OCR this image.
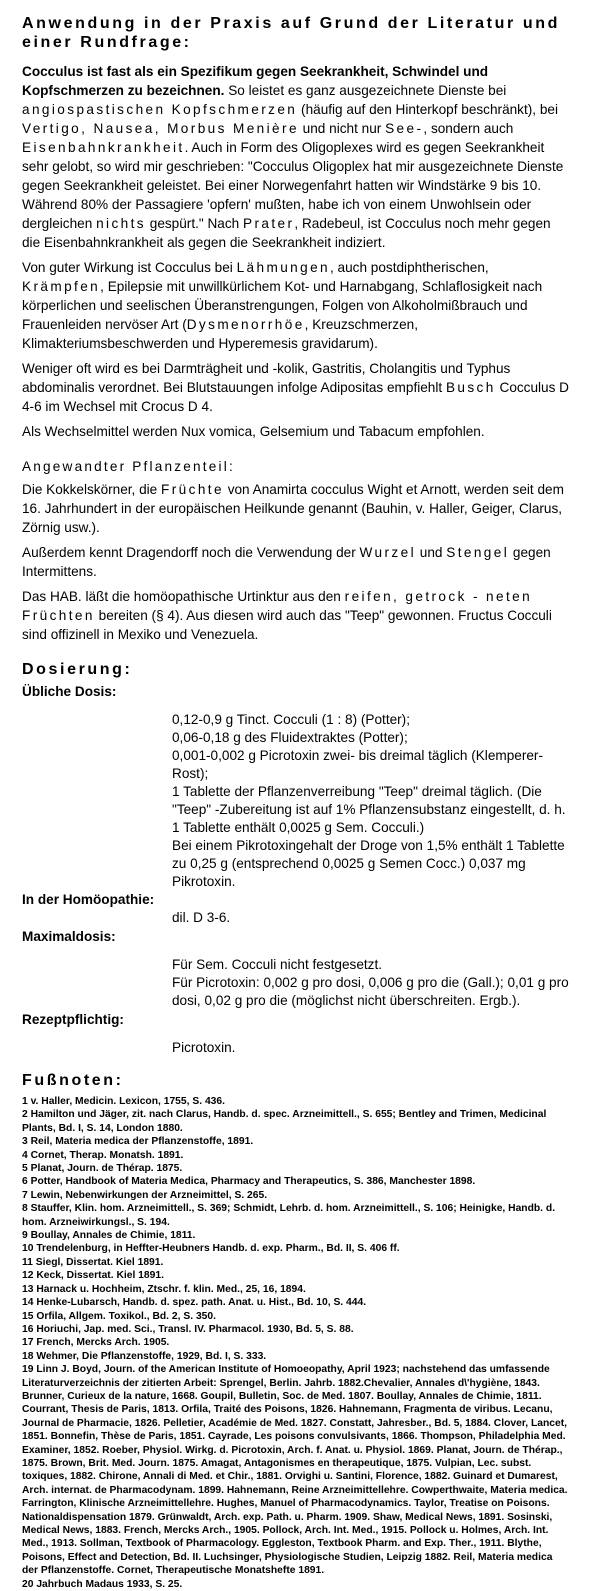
Anwendung in der Praxis auf Grund der Literatur und einer Rundfrage:

Cocculus ist fast als ein Spezifikum gegen Seekrankheit, Schwindel und Kopfschmerzen zu bezeichnen. So leistet es ganz ausgezeichnete Dienste bei angiospastischen Kopfschmerzen (häufig auf den Hinterkopf beschränkt), bei Vertigo, Nausea, Morbus Menière und nicht nur See-, sondern auch Eisenbahnkrankheit. Auch in Form des Oligoplexes wird es gegen Seekrankheit sehr gelobt, so wird mir geschrieben: "Cocculus Oligoplex hat mir ausgezeichnete Dienste gegen Seekrankheit geleistet. Bei einer Norwegenfahrt hatten wir Windstärke 9 bis 10. Während 80% der Passagiere 'opfern' mußten, habe ich von einem Unwohlsein oder dergleichen nichts gespürt." Nach Prater, Radebeul, ist Cocculus noch mehr gegen die Eisenbahnkrankheit als gegen die Seekrankheit indiziert.

Von guter Wirkung ist Cocculus bei Lähmungen, auch postdiphtherischen, Krämpfen, Epilepsie mit unwillkürlichem Kot- und Harnabgang, Schlaflosigkeit nach körperlichen und seelischen Überanstrengungen, Folgen von Alkoholmißbrauch und Frauenleiden nervöser Art (Dysmenorrhöe, Kreuzschmerzen, Klimakteriumsbeschwerden und Hyperemesis gravidarum).

Weniger oft wird es bei Darmträgheit und -kolik, Gastritis, Cholangitis und Typhus abdominalis verordnet. Bei Blutstauungen infolge Adipositas empfiehlt Busch Cocculus D 4-6 im Wechsel mit Crocus D 4.

Als Wechselmittel werden Nux vomica, Gelsemium und Tabacum empfohlen.

Angewandter Pflanzenteil:

Die Kokkelskörner, die Früchte von Anamirta cocculus Wight et Arnott, werden seit dem 16. Jahrhundert in der europäischen Heilkunde genannt (Bauhin, v. Haller, Geiger, Clarus, Zörnig usw.).

Außerdem kennt Dragendorff noch die Verwendung der Wurzel und Stengel gegen Intermittens.

Das HAB. läßt die homöopathische Urtinktur aus den reifen, getrock - neten Früchten bereiten (§ 4). Aus diesen wird auch das "Teep" gewonnen. Fructus Cocculi sind offizinell in Mexiko und Venezuela.

Dosierung:

Übliche Dosis:

0,12-0,9 g Tinct. Cocculi (1 : 8) (Potter);
0,06-0,18 g des Fluidextraktes (Potter);
0,001-0,002 g Picrotoxin zwei- bis dreimal täglich (Klemperer-Rost);
1 Tablette der Pflanzenverreibung "Teep" dreimal täglich. (Die "Teep" -Zubereitung ist auf 1% Pflanzensubstanz eingestellt, d. h. 1 Tablette enthält 0,0025 g Sem. Cocculi.)
Bei einem Pikrotoxingehalt der Droge von 1,5% enthält 1 Tablette zu 0,25 g (entsprechend 0,0025 g Semen Cocc.) 0,037 mg Pikrotoxin.

In der Homöopathie:

dil. D 3-6.

Maximaldosis:

Für Sem. Cocculi nicht festgesetzt.
Für Picrotoxin: 0,002 g pro dosi, 0,006 g pro die (Gall.); 0,01 g pro dosi, 0,02 g pro die (möglichst nicht überschreiten. Ergb.).

Rezeptpflichtig:

Picrotoxin.
Fußnoten:
1 v. Haller, Medicin. Lexicon, 1755, S. 436.
2 Hamilton und Jäger, zit. nach Clarus, Handb. d. spec. Arzneimittell., S. 655; Bentley and Trimen, Medicinal Plants, Bd. I, S. 14, London 1880.
3 Reil, Materia medica der Pflanzenstoffe, 1891.
4 Cornet, Therap. Monatsh. 1891.
5 Planat, Journ. de Thérap. 1875.
6 Potter, Handbook of Materia Medica, Pharmacy and Therapeutics, S. 386, Manchester 1898.
7 Lewin, Nebenwirkungen der Arzneimittel, S. 265.
8 Stauffer, Klin. hom. Arzneimittell., S. 369; Schmidt, Lehrb. d. hom. Arzneimittell., S. 106; Heinigke, Handb. d. hom. Arzneiwirkungsl., S. 194.
9 Boullay, Annales de Chimie, 1811.
10 Trendelenburg, in Heffter-Heubners Handb. d. exp. Pharm., Bd. II, S. 406 ff.
11 Siegl, Dissertat. Kiel 1891.
12 Keck, Dissertat. Kiel 1891.
13 Harnack u. Hochheim, Ztschr. f. klin. Med., 25, 16, 1894.
14 Henke-Lubarsch, Handb. d. spez. path. Anat. u. Hist., Bd. 10, S. 444.
15 Orfila, Allgem. Toxikol., Bd. 2, S. 350.
16 Horiuchi, Jap. med. Sci., Transl. IV. Pharmacol. 1930, Bd. 5, S. 88.
17 French, Mercks Arch. 1905.
18 Wehmer, Die Pflanzenstoffe, 1929, Bd. I, S. 333.
19 Linn J. Boyd, Journ. of the American Institute of Homoeopathy, April 1923; nachstehend das umfassende Literaturverzeichnis der zitierten Arbeit: Sprengel, Berlin. Jahrb. 1882.Chevalier, Annales d\'hygiène, 1843. Brunner, Curieux de la nature, 1668. Goupil, Bulletin, Soc. de Med. 1807. Boullay, Annales de Chimie, 1811. Courrant, Thesis de Paris, 1813. Orfila, Traité des Poisons, 1826. Hahnemann, Fragmenta de viribus. Lecanu, Journal de Pharmacie, 1826. Pelletier, Académie de Med. 1827. Constatt, Jahresber., Bd. 5, 1884. Clover, Lancet, 1851. Bonnefin, Thèse de Paris, 1851. Cayrade, Les poisons convulsivants, 1866. Thompson, Philadelphia Med. Examiner, 1852. Roeber, Physiol. Wirkg. d. Picrotoxin, Arch. f. Anat. u. Physiol. 1869. Planat, Journ. de Thérap., 1875. Brown, Brit. Med. Journ. 1875. Amagat, Antagonismes en therapeutique, 1875. Vulpian, Lec. subst. toxiques, 1882. Chirone, Annali di Med. et Chir., 1881. Orvighi u. Santini, Florence, 1882. Guinard et Dumarest, Arch. internat. de Pharmacodynam. 1899. Hahnemann, Reine Arzneimittellehre. Cowperthwaite, Materia medica. Farrington, Klinische Arzneimittellehre. Hughes, Manuel of Pharmacodynamics. Taylor, Treatise on Poisons. Nationaldispensation 1879. Grünwaldt, Arch. exp. Path. u. Pharm. 1909. Shaw, Medical News, 1891. Sosinski, Medical News, 1883. French, Mercks Arch., 1905. Pollock, Arch. Int. Med., 1915. Pollock u. Holmes, Arch. Int. Med., 1913. Sollman, Textbook of Pharmacology. Eggleston, Textbook Pharm. and Exp. Ther., 1911. Blythe, Poisons, Effect and Detection, Bd. II. Luchsinger, Physiologische Studien, Leipzig 1882. Reil, Materia medica der Pflanzenstoffe. Cornet, Therapeutische Monatshefte 1891.
20 Jahrbuch Madaus 1933, S. 25.
